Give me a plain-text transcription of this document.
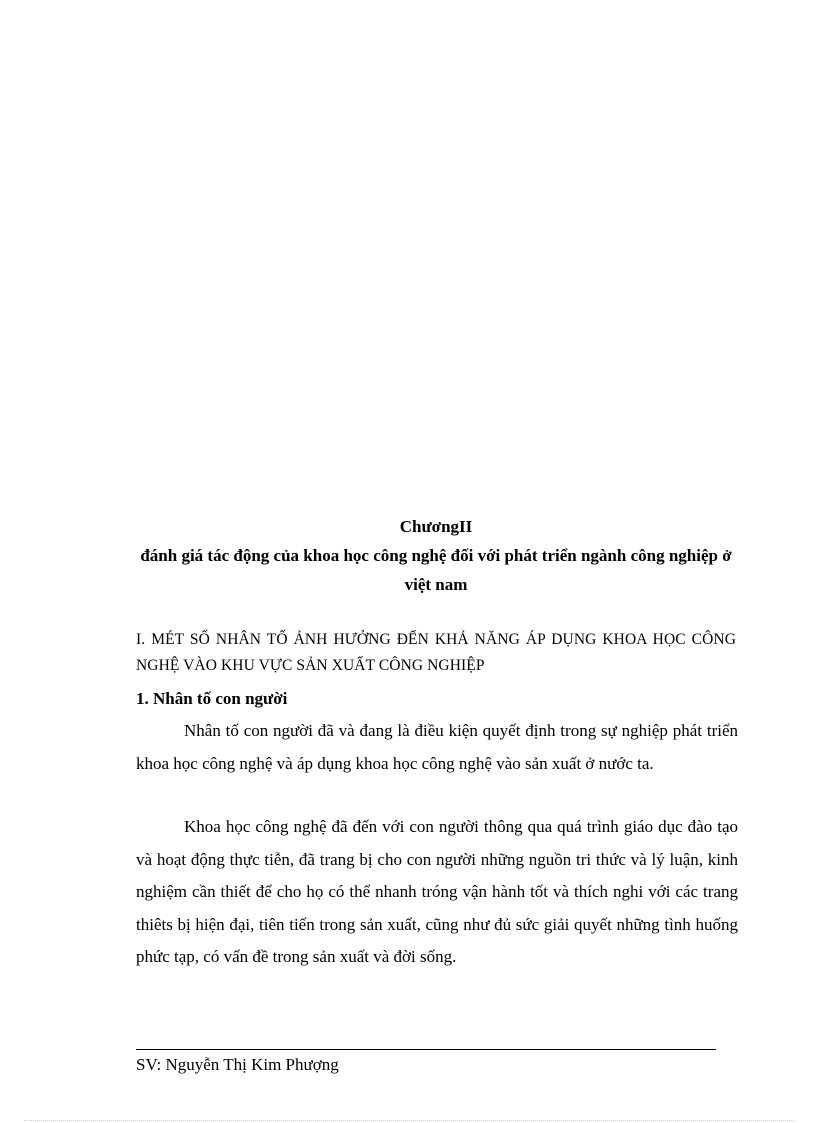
ChươngII
đánh giá tác động của khoa học công nghệ đối với phát triển ngành công nghiệp ở việt nam
I. MÉT SỐ NHÂN TỐ ẢNH HƯỞNG ĐẾN KHẢ NĂNG ÁP DỤNG KHOA HỌC CÔNG NGHỆ VÀO KHU VỰC SẢN XUẤT CÔNG NGHIỆP
1. Nhân tố con người

Nhân tố con người đã và đang là điều kiện quyết định trong sự nghiệp phát triển khoa học công nghệ và áp dụng khoa học công nghệ vào sản xuất ở nước ta.

Khoa học công nghệ đã đến với con người thông qua quá trình giáo dục đào tạo và hoạt động thực tiễn, đã trang bị cho con người những nguồn tri thức và lý luận, kinh nghiệm cần thiết để cho họ có thể nhanh tróng vận hành tốt và thích nghi với các trang thiêts bị hiện đại, tiên tiến trong sản xuất, cũng như đủ sức giải quyết những tình huống phức tạp, có vấn đề trong sản xuất và đời sống.

SV: Nguyễn Thị Kim Phượng
